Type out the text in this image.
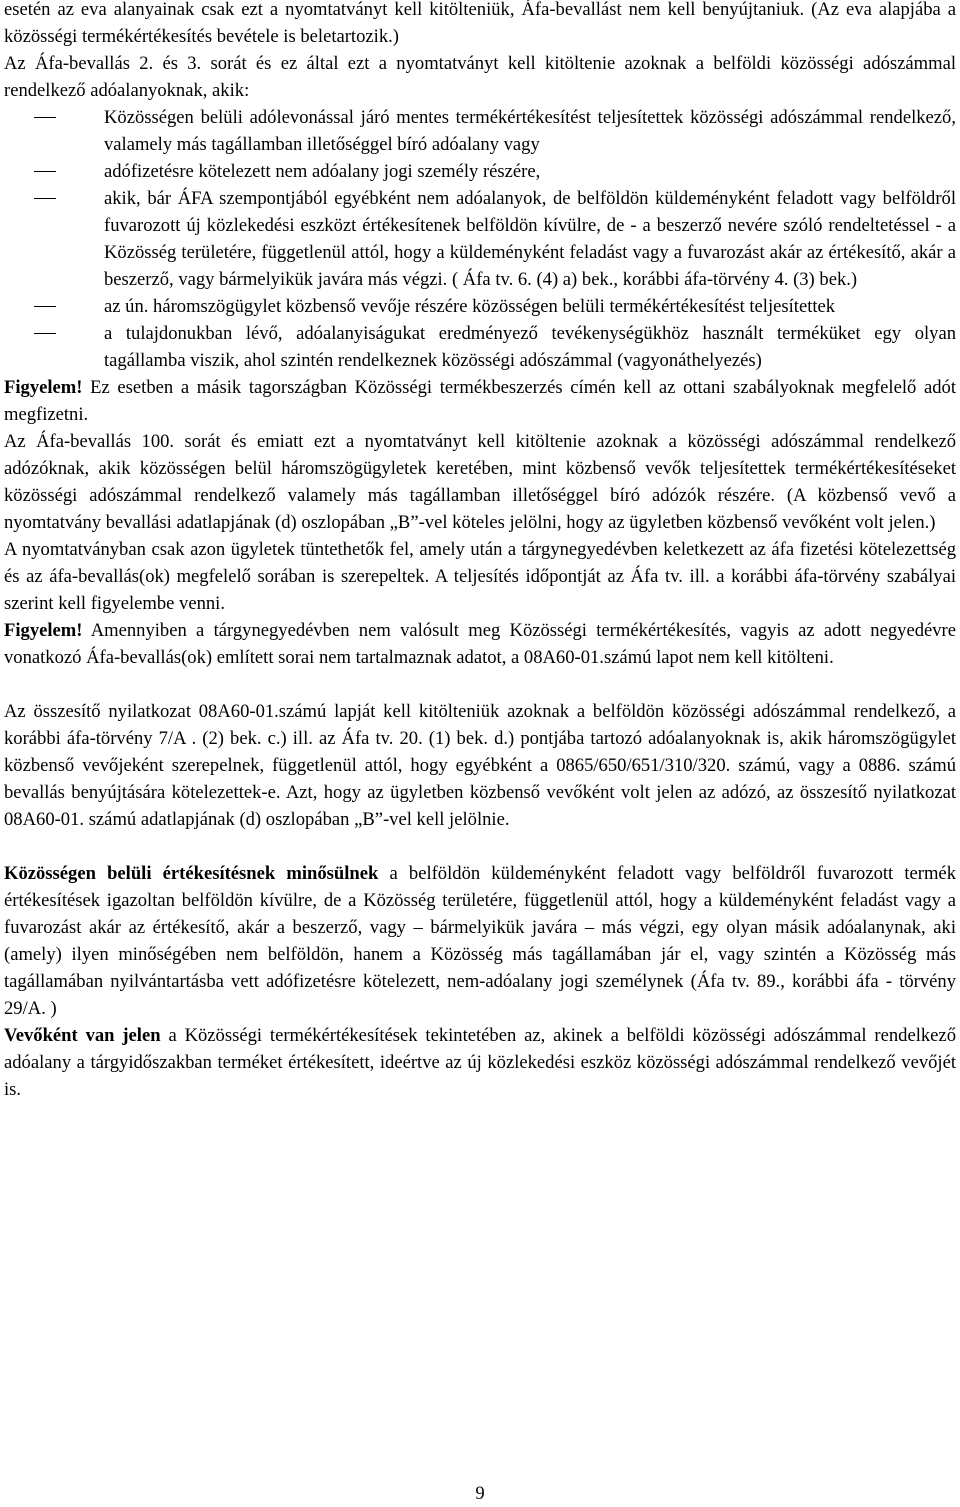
esetén az eva alanyainak csak ezt a nyomtatványt kell kitölteniük, Áfa-bevallást nem kell benyújtaniuk. (Az eva alapjába a közösségi termékértékesítés bevétele is beletartozik.)

Az Áfa-bevallás 2. és 3. sorát és ez által ezt a nyomtatványt kell kitöltenie azoknak a belföldi közösségi adószámmal rendelkező adóalanyoknak, akik:

Közösségen belüli adólevonással járó mentes termékértékesítést teljesítettek közösségi adószámmal rendelkező, valamely más tagállamban illetőséggel bíró adóalany vagy
adófizetésre kötelezett nem adóalany jogi személy részére,
akik, bár ÁFA szempontjából egyébként nem adóalanyok, de belföldön küldeményként feladott vagy belföldről fuvarozott új közlekedési eszközt értékesítenek belföldön kívülre, de - a beszerző nevére szóló rendeltetéssel - a Közösség területére, függetlenül attól, hogy a küldeményként feladást vagy a fuvarozást akár az értékesítő, akár a beszerző, vagy bármelyikük javára más végzi. ( Áfa tv. 6. (4) a) bek., korábbi áfa-törvény 4. (3) bek.)
az ún. háromszögügylet közbenső vevője részére közösségen belüli termékértékesítést teljesítettek
a tulajdonukban lévő, adóalanyiságukat eredményező tevékenységükhöz használt terméküket egy olyan tagállamba viszik, ahol szintén rendelkeznek közösségi adószámmal (vagyonáthelyezés)

Figyelem! Ez esetben a másik tagországban Közösségi termékbeszerzés címén kell az ottani szabályoknak megfelelő adót megfizetni.

Az Áfa-bevallás 100. sorát és emiatt ezt a nyomtatványt kell kitöltenie azoknak a közösségi adószámmal rendelkező adózóknak, akik közösségen belül háromszögügyletek keretében, mint közbenső vevők teljesítettek termékértékesítéseket közösségi adószámmal rendelkező valamely más tagállamban illetőséggel bíró adózók részére. (A közbenső vevő a nyomtatvány bevallási adatlapjának (d) oszlopában „B”-vel köteles jelölni, hogy az ügyletben közbenső vevőként volt jelen.)

A nyomtatványban csak azon ügyletek tüntethetők fel, amely után a tárgynegyedévben keletkezett az áfa fizetési kötelezettség és az áfa-bevallás(ok) megfelelő sorában is szerepeltek. A teljesítés időpontját az Áfa tv. ill. a korábbi áfa-törvény szabályai szerint kell figyelembe venni.

Figyelem! Amennyiben a tárgynegyedévben nem valósult meg Közösségi termékértékesítés, vagyis az adott negyedévre vonatkozó Áfa-bevallás(ok) említett sorai nem tartalmaznak adatot, a 08A60-01.számú lapot nem kell kitölteni.

Az összesítő nyilatkozat 08A60-01.számú lapját kell kitölteniük azoknak a belföldön közösségi adószámmal rendelkező, a korábbi áfa-törvény 7/A . (2) bek. c.) ill. az Áfa tv. 20. (1) bek. d.) pontjába tartozó adóalanyoknak is, akik háromszögügylet közbenső vevőjeként szerepelnek, függetlenül attól, hogy egyébként a 0865/650/651/310/320. számú, vagy a 0886. számú bevallás benyújtására kötelezettek-e. Azt, hogy az ügyletben közbenső vevőként volt jelen az adózó, az összesítő nyilatkozat 08A60-01. számú adatlapjának (d) oszlopában „B”-vel kell jelölnie.

Közösségen belüli értékesítésnek minősülnek a belföldön küldeményként feladott vagy belföldről fuvarozott termék értékesítések igazoltan belföldön kívülre, de a Közösség területére, függetlenül attól, hogy a küldeményként feladást vagy a fuvarozást akár az értékesítő, akár a beszerző, vagy – bármelyikük javára – más végzi, egy olyan másik adóalanynak, aki (amely) ilyen minőségében nem belföldön, hanem a Közösség más tagállamában jár el, vagy szintén a Közösség más tagállamában nyilvántartásba vett adófizetésre kötelezett, nem-adóalany jogi személynek (Áfa tv. 89., korábbi áfa - törvény 29/A. )

Vevőként van jelen a Közösségi termékértékesítések tekintetében az, akinek a belföldi közösségi adószámmal rendelkező adóalany a tárgyidőszakban terméket értékesített, ideértve az új közlekedési eszköz közösségi adószámmal rendelkező vevőjét is.

9
